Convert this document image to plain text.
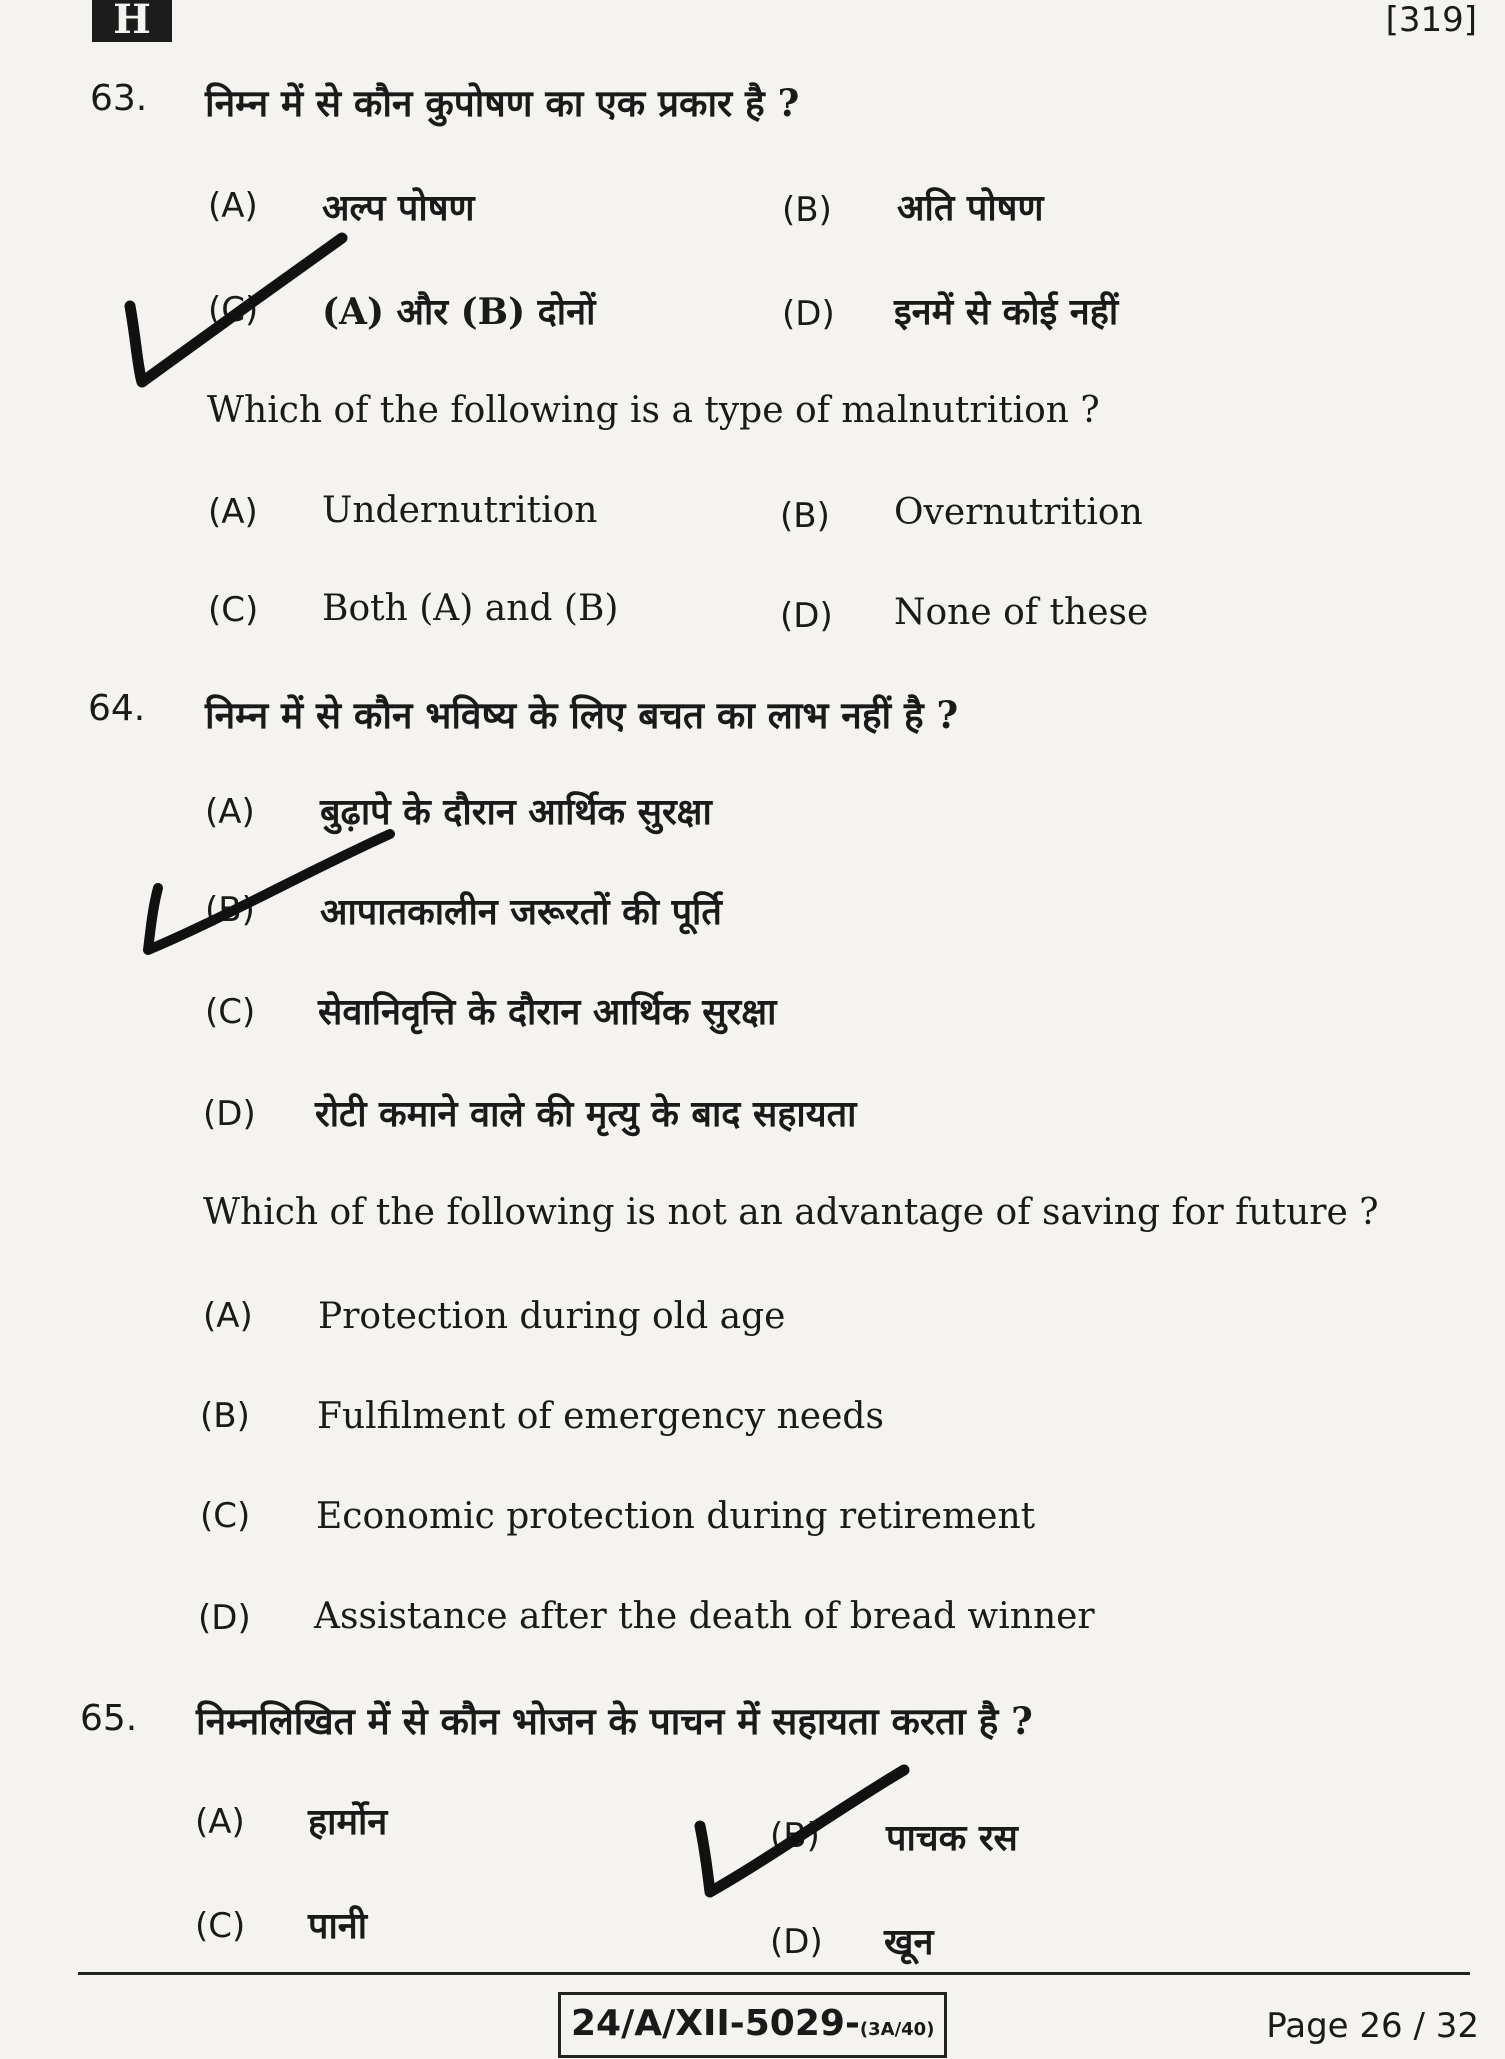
H	[319]
63. निम्न में से कौन कुपोषण का एक प्रकार है ?
(A) अल्प पोषण	(B) अति पोषण
(C) (A) और (B) दोनों	(D) इनमें से कोई नहीं
Which of the following is a type of malnutrition ?
(A) Undernutrition	(B) Overnutrition
(C) Both (A) and (B)	(D) None of these
64. निम्न में से कौन भविष्य के लिए बचत का लाभ नहीं है ?
(A) बुढ़ापे के दौरान आर्थिक सुरक्षा
(B) आपातकालीन जरूरतों की पूर्ति
(C) सेवानिवृत्ति के दौरान आर्थिक सुरक्षा
(D) रोटी कमाने वाले की मृत्यु के बाद सहायता
Which of the following is not an advantage of saving for future ?
(A) Protection during old age
(B) Fulfilment of emergency needs
(C) Economic protection during retirement
(D) Assistance after the death of bread winner
65. निम्नलिखित में से कौन भोजन के पाचन में सहायता करता है ?
(A) हार्मोन	(B) पाचक रस
(C) पानी	(D) खून
24/A/XII-5029-(3A/40)	Page 26 / 32
